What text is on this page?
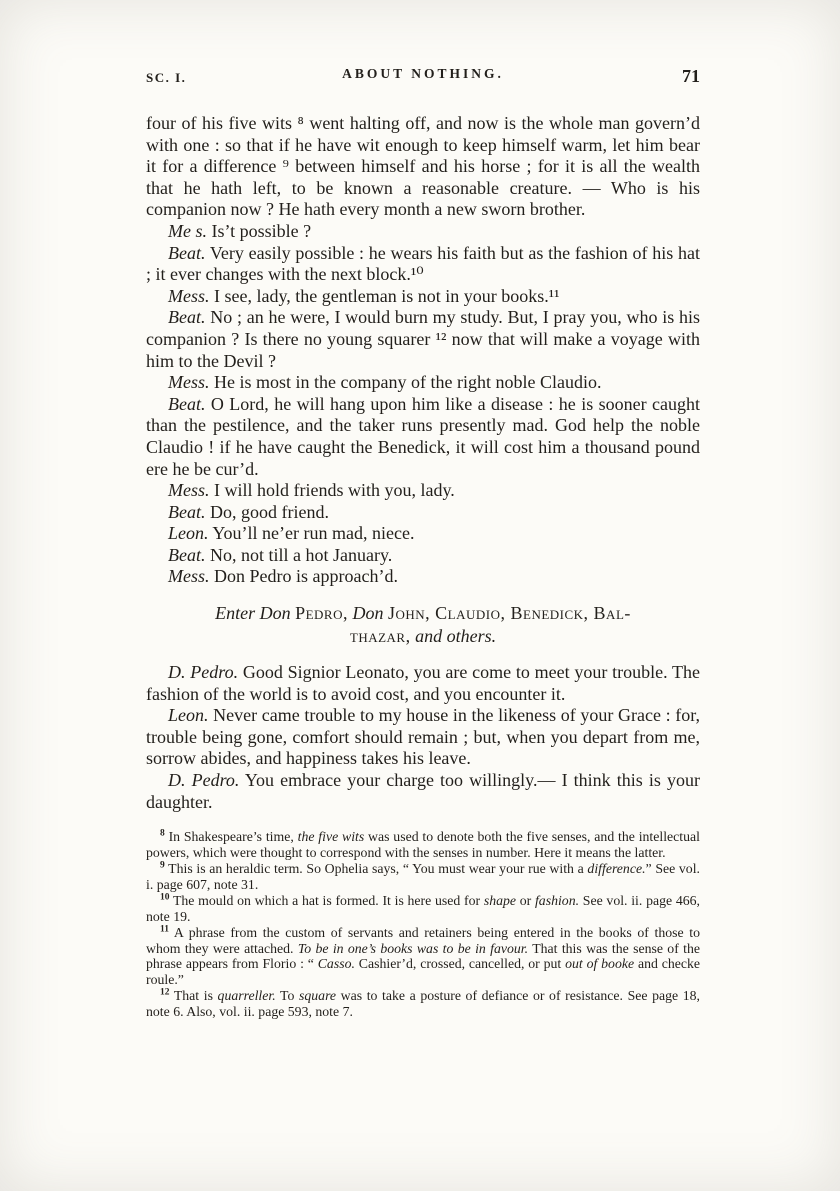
SC. I.	ABOUT NOTHING.	71

four of his five wits ⁸ went halting off, and now is the whole man govern’d with one : so that if he have wit enough to keep himself warm, let him bear it for a difference ⁹ between himself and his horse ; for it is all the wealth that he hath left, to be known a reasonable creature. — Who is his companion now ? He hath every month a new sworn brother.

Me s. Is’t possible ?

Beat. Very easily possible : he wears his faith but as the fashion of his hat ; it ever changes with the next block.¹⁰

Mess. I see, lady, the gentleman is not in your books.¹¹

Beat. No ; an he were, I would burn my study. But, I pray you, who is his companion ? Is there no young squarer ¹² now that will make a voyage with him to the Devil ?

Mess. He is most in the company of the right noble Claudio.

Beat. O Lord, he will hang upon him like a disease : he is sooner caught than the pestilence, and the taker runs presently mad. God help the noble Claudio ! if he have caught the Benedick, it will cost him a thousand pound ere he be cur’d.

Mess. I will hold friends with you, lady.

Beat. Do, good friend.

Leon. You’ll ne’er run mad, niece.

Beat. No, not till a hot January.

Mess. Don Pedro is approach’d.

Enter Don Pedro, Don John, Claudio, Benedick, Bal-
thazar, and others.

D. Pedro. Good Signior Leonato, you are come to meet your trouble. The fashion of the world is to avoid cost, and you encounter it.

Leon. Never came trouble to my house in the likeness of your Grace : for, trouble being gone, comfort should remain ; but, when you depart from me, sorrow abides, and happiness takes his leave.

D. Pedro. You embrace your charge too willingly.— I think this is your daughter.

$^8$ In Shakespeare’s time, the five wits was used to denote both the five senses, and the intellectual powers, which were thought to correspond with the senses in number. Here it means the latter.

$^9$ This is an heraldic term. So Ophelia says, “ You must wear your rue with a difference.” See vol. i. page 607, note 31.

$^{10}$ The mould on which a hat is formed. It is here used for shape or fashion. See vol. ii. page 466, note 19.

$^{11}$ A phrase from the custom of servants and retainers being entered in the books of those to whom they were attached. To be in one’s books was to be in favour. That this was the sense of the phrase appears from Florio : “ Casso. Cashier’d, crossed, cancelled, or put out of booke and checke roule.”

$^{12}$ That is quarreller. To square was to take a posture of defiance or of resistance. See page 18, note 6. Also, vol. ii. page 593, note 7.
